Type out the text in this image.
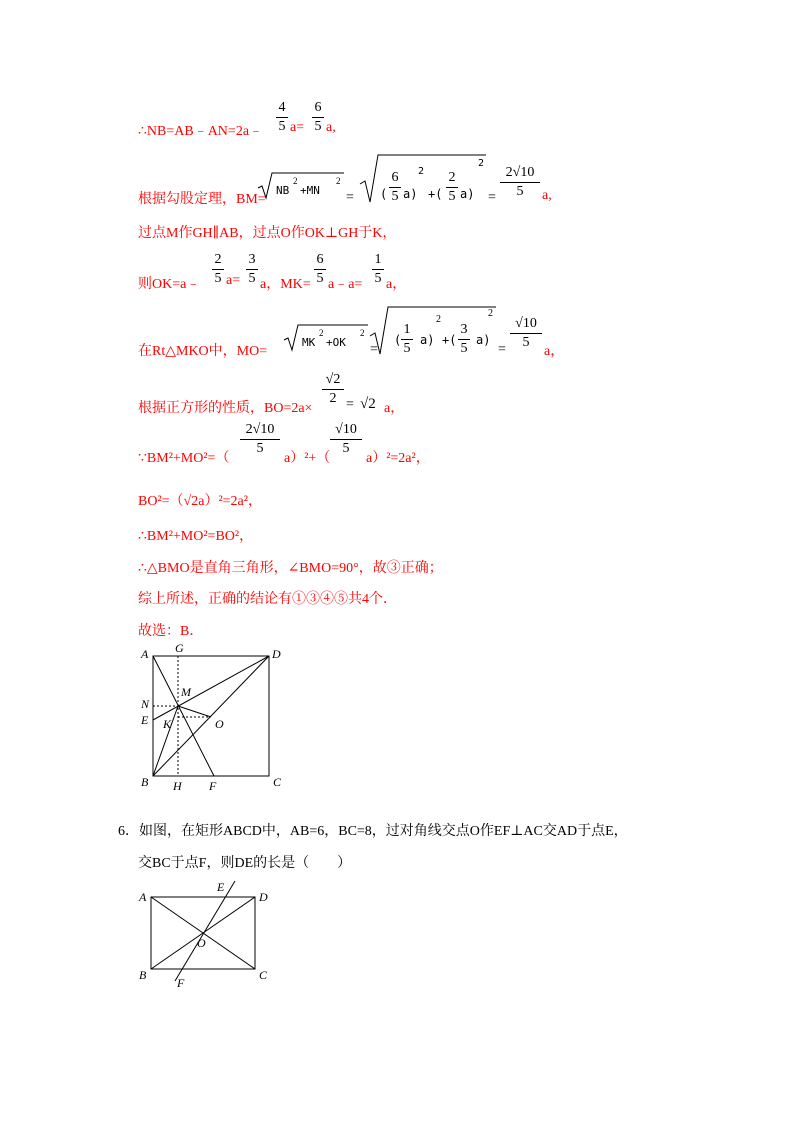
∴NB=AB﹣AN=2a﹣
4
5 a=
6
5 a,
根据勾股定理，BM=
NB
2
+MN
2
= (
6
5 a)
2
+(
2
5 a)
2
=
2√10
5	a,
过点M作GH∥AB，过点O作OK⊥GH于K，
则OK=a﹣
2
5 a=
3
5 a，MK=
6
5 a﹣a=
1
5 a，
在Rt△MKO中，MO=
MK
2
+OK
2
=
( a)
2
+( a)
2
1
5
3
5 =
√10
5
a，
根据正方形的性质，BO=2a×
√2
2 = √2 a，
∵BM²+MO²=（
2√10
5
a）²+（
√10
5
a）²=2a²，
BO²=（√2a）²=2a²，
∴BM²+MO²=BO²，
∴△BMO是直角三角形，∠BMO=90°，故③正确；
综上所述，正确的结论有①③④⑤共4个．
故选：B．
A G	D
N
M
E K	O
B H F	C
6．如图，在矩形ABCD中，AB=6，BC=8，过对角线交点O作EF⊥AC交AD于点E，
交BC于点F，则DE的长是（　　）
A
E
D
O
B
F
C
